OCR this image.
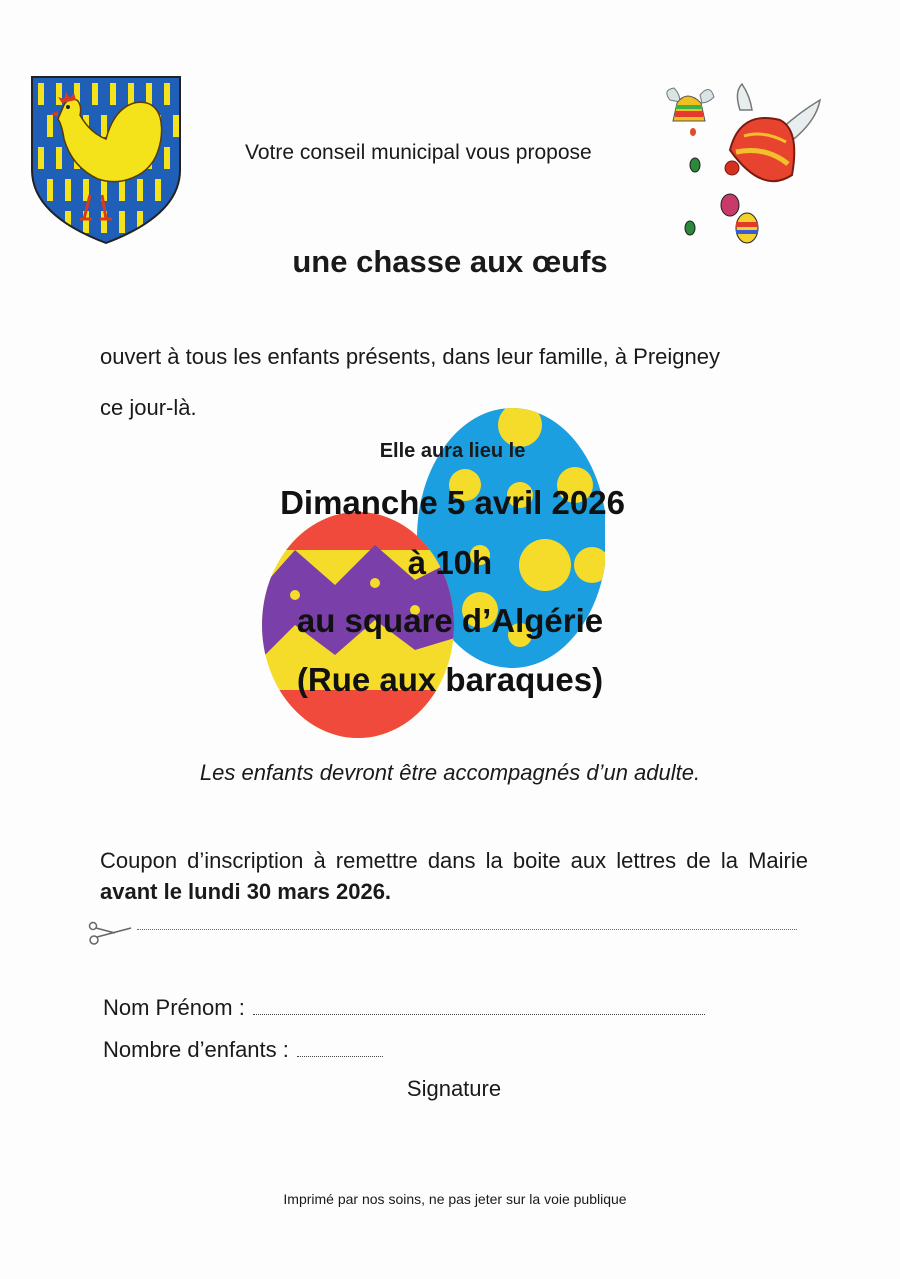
Votre conseil municipal vous propose
une chasse aux œufs
ouvert à tous les enfants présents, dans leur famille, à Preigney
ce jour-là.
Elle aura lieu le
Dimanche 5 avril 2026
à 10h
au square d’Algérie
(Rue aux baraques)
Les enfants devront être accompagnés d’un adulte.
Coupon d’inscription à remettre dans la boite aux lettres de la Mairie avant le lundi 30 mars 2026.
Nom Prénom :
Nombre d’enfants :
Signature
Imprimé par nos soins, ne pas jeter sur la voie publique
